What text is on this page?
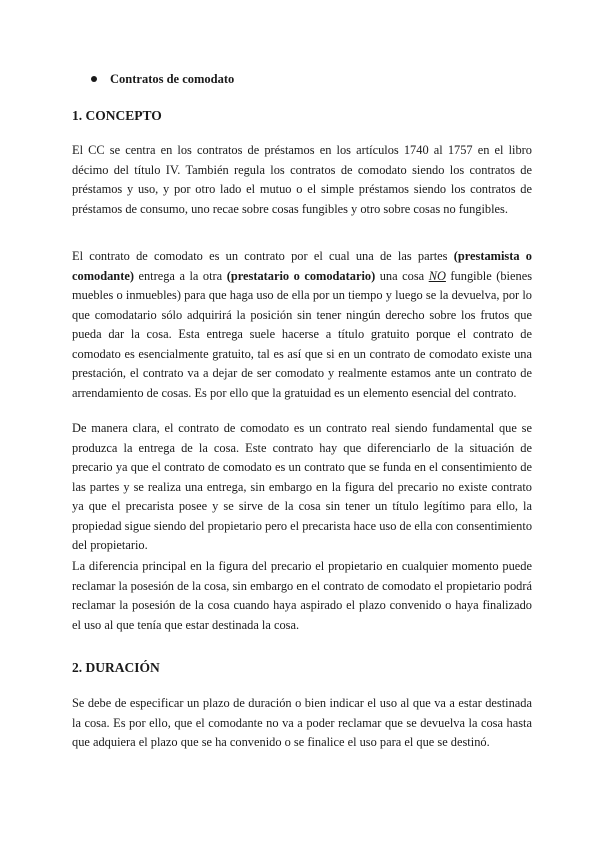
Contratos de comodato
1. CONCEPTO

El CC se centra en los contratos de préstamos en los artículos 1740 al 1757 en el libro décimo del título IV. También regula los contratos de comodato siendo los contratos de préstamos y uso, y por otro lado el mutuo o el simple préstamos siendo los contratos de préstamos de consumo, uno recae sobre cosas fungibles y otro sobre cosas no fungibles.

El contrato de comodato es un contrato por el cual una de las partes (prestamista o comodante) entrega a la otra (prestatario o comodatario) una cosa NO fungible (bienes muebles o inmuebles) para que haga uso de ella por un tiempo y luego se la devuelva, por lo que comodatario sólo adquirirá la posición sin tener ningún derecho sobre los frutos que pueda dar la cosa. Esta entrega suele hacerse a título gratuito porque el contrato de comodato es esencialmente gratuito, tal es así que si en un contrato de comodato existe una prestación, el contrato va a dejar de ser comodato y realmente estamos ante un contrato de arrendamiento de cosas. Es por ello que la gratuidad es un elemento esencial del contrato.

De manera clara, el contrato de comodato es un contrato real siendo fundamental que se produzca la entrega de la cosa. Este contrato hay que diferenciarlo de la situación de precario ya que el contrato de comodato es un contrato que se funda en el consentimiento de las partes y se realiza una entrega, sin embargo en la figura del precario no existe contrato ya que el precarista posee y se sirve de la cosa sin tener un título legítimo para ello, la propiedad sigue siendo del propietario pero el precarista hace uso de ella con consentimiento del propietario.

La diferencia principal en la figura del precario el propietario en cualquier momento puede reclamar la posesión de la cosa, sin embargo en el contrato de comodato el propietario podrá reclamar la posesión de la cosa cuando haya aspirado el plazo convenido o haya finalizado el uso al que tenía que estar destinada la cosa.

2. DURACIÓN

Se debe de especificar un plazo de duración o bien indicar el uso al que va a estar destinada la cosa. Es por ello, que el comodante no va a poder reclamar que se devuelva la cosa hasta que adquiera el plazo que se ha convenido o se finalice el uso para el que se destinó.
